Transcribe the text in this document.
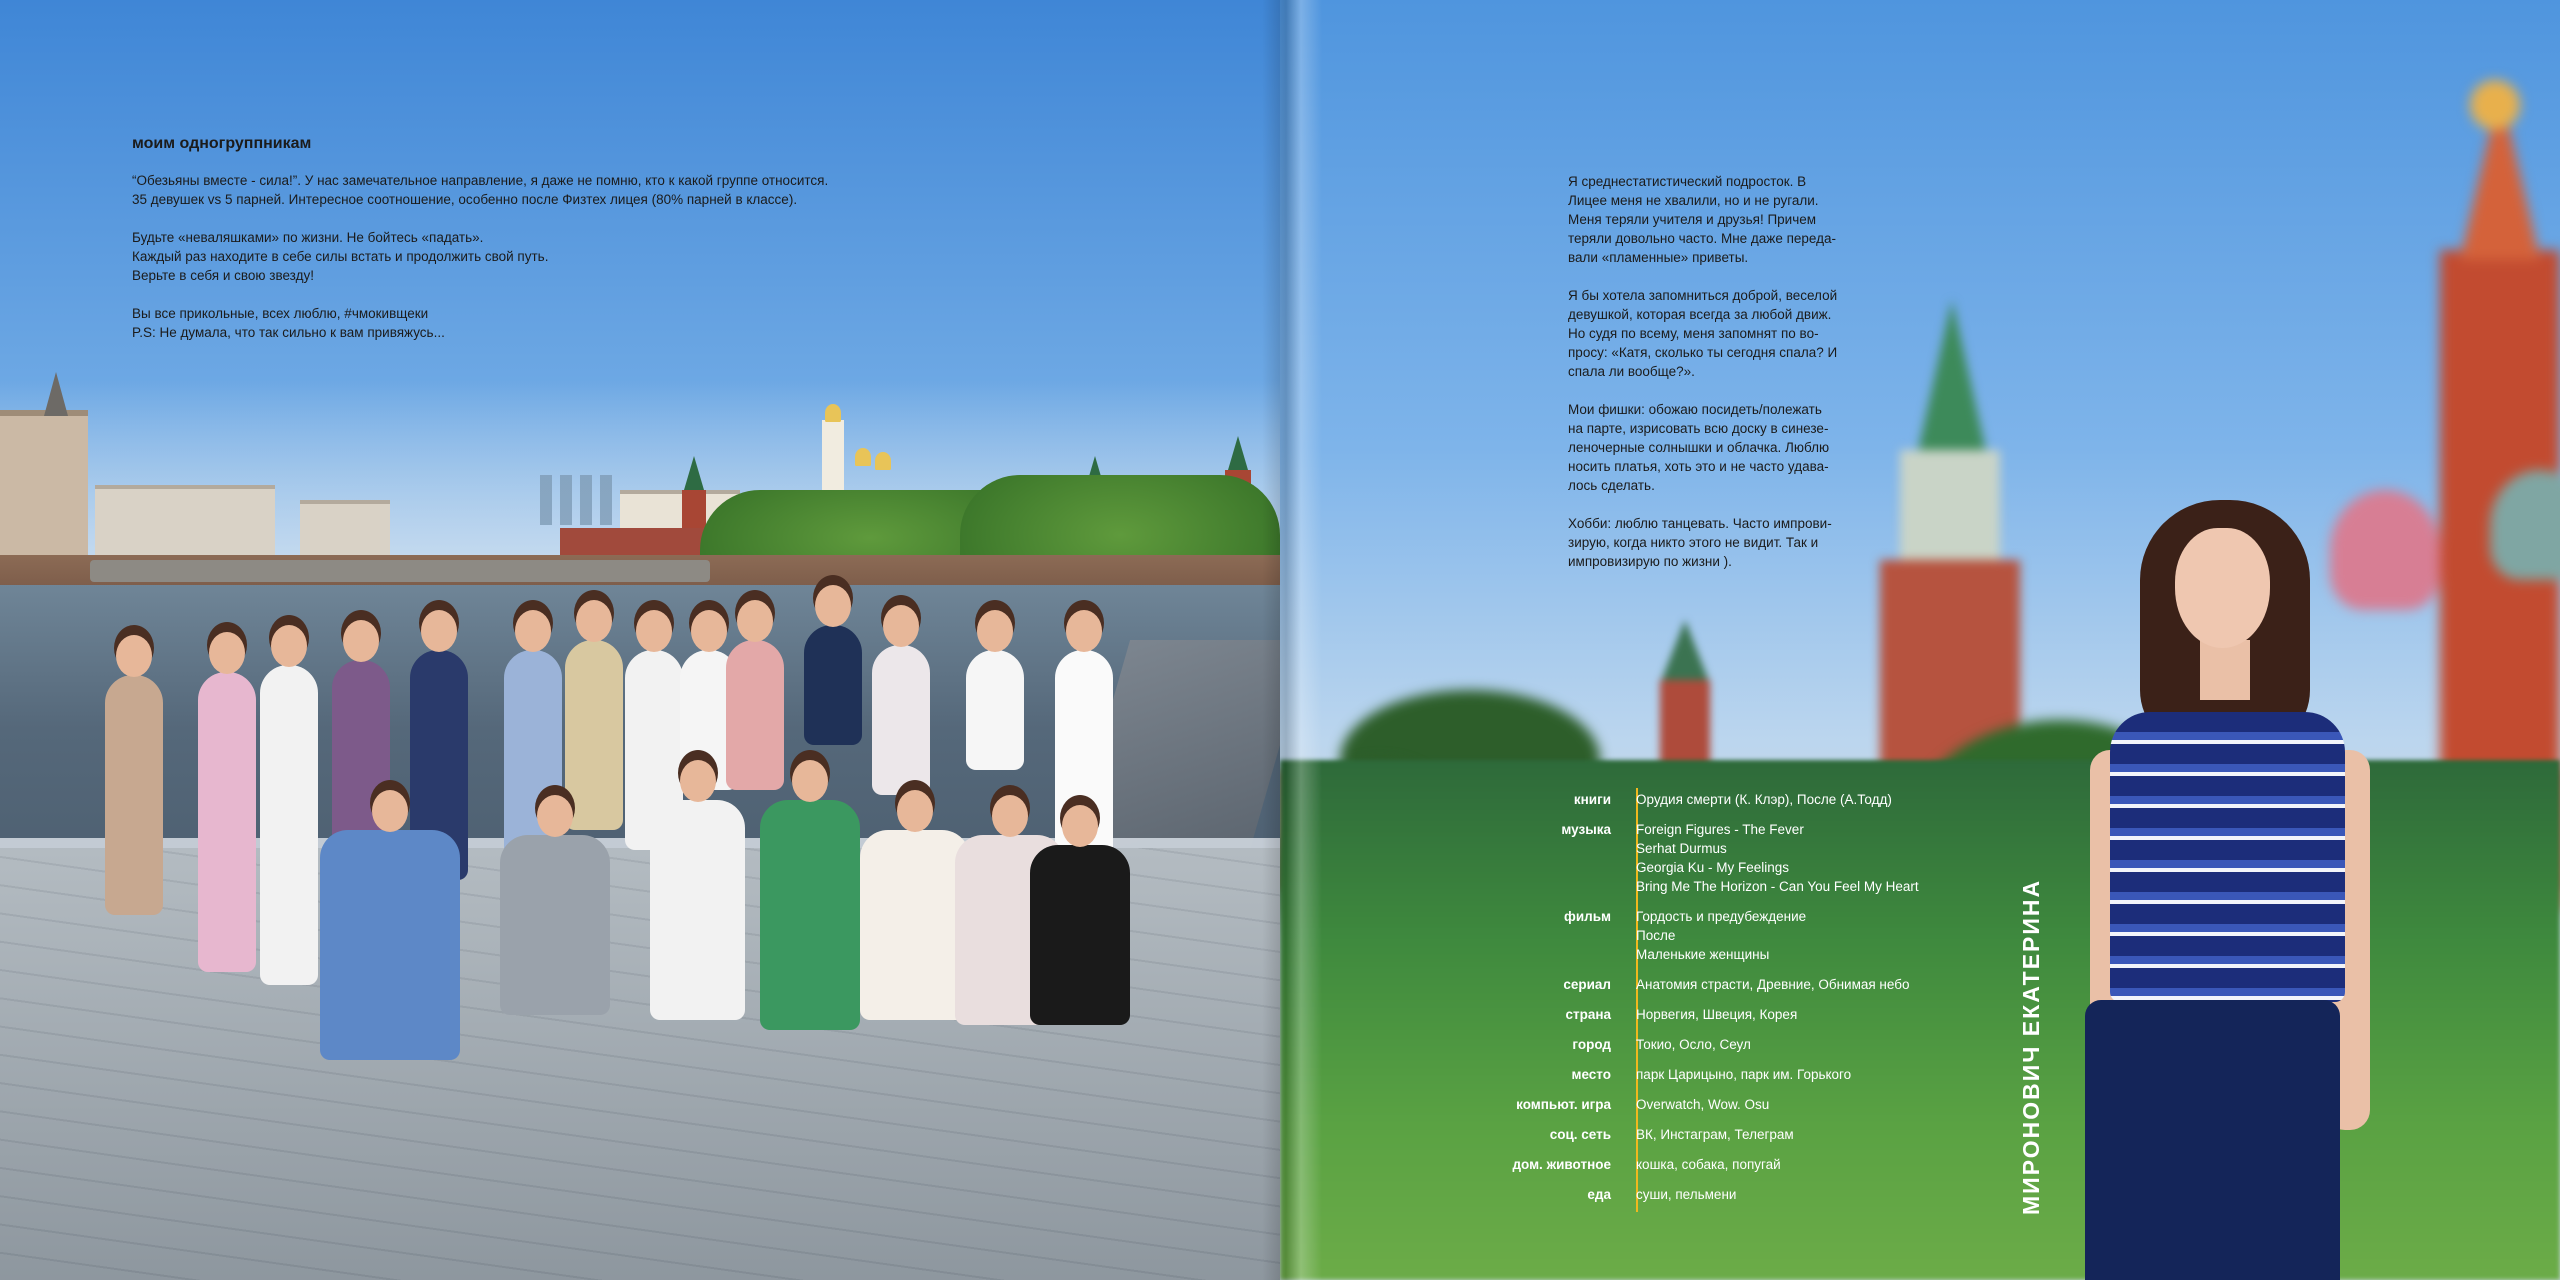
моим одногруппникам
“Обезьяны вместе - сила!”. У нас замечательное направление, я даже не помню, кто к какой группе относится.
35 девушек vs 5 парней. Интересное соотношение, особенно после Физтех лицея (80% парней в классе).
Будьте «неваляшками» по жизни. Не бойтесь «падать».
Каждый раз находите в себе силы встать и продолжить свой путь.
Верьте в себя и свою звезду!
Вы все прикольные, всех люблю, #чмокивщеки
P.S: Не думала, что так сильно к вам привяжусь...
Я среднестатистический подросток. В
Лицее меня не хвалили, но и не ругали.
Меня теряли учителя и друзья! Причем
теряли довольно часто. Мне даже переда-
вали «пламенные» приветы.
Я бы хотела запомниться доброй, веселой
девушкой, которая всегда за любой движ.
Но судя по всему, меня запомнят по во-
просу: «Катя, сколько ты сегодня спала? И
спала ли вообще?».
Мои фишки: обожаю посидеть/полежать
на парте, изрисовать всю доску в синезе-
леночерные солнышки и облачка. Люблю
носить платья, хоть это и не часто удава-
лось сделать.
Хобби: люблю танцевать. Часто импрови-
зирую, когда никто этого не видит. Так и
импровизирую по жизни ).
книги	Орудия смерти (К. Клэр), После (А.Тодд)
музыка	Foreign Figures - The Fever
Serhat Durmus
Georgia Ku - My Feelings
Bring Me The Horizon - Can You Feel My Heart
фильм	Гордость и предубеждение
После
Маленькие женщины
сериал	Анатомия страсти, Древние, Обнимая небо
страна	Норвегия, Швеция, Корея
город	Токио, Осло, Сеул
место	парк Царицыно, парк им. Горького
компьют. игра	Overwatch, Wow. Osu
соц. сеть	ВК, Инстаграм, Телеграм
дом. животное	кошка, собака, попугай
еда	суши, пельмени	МИРОНОВИЧ ЕКАТЕРИНА
